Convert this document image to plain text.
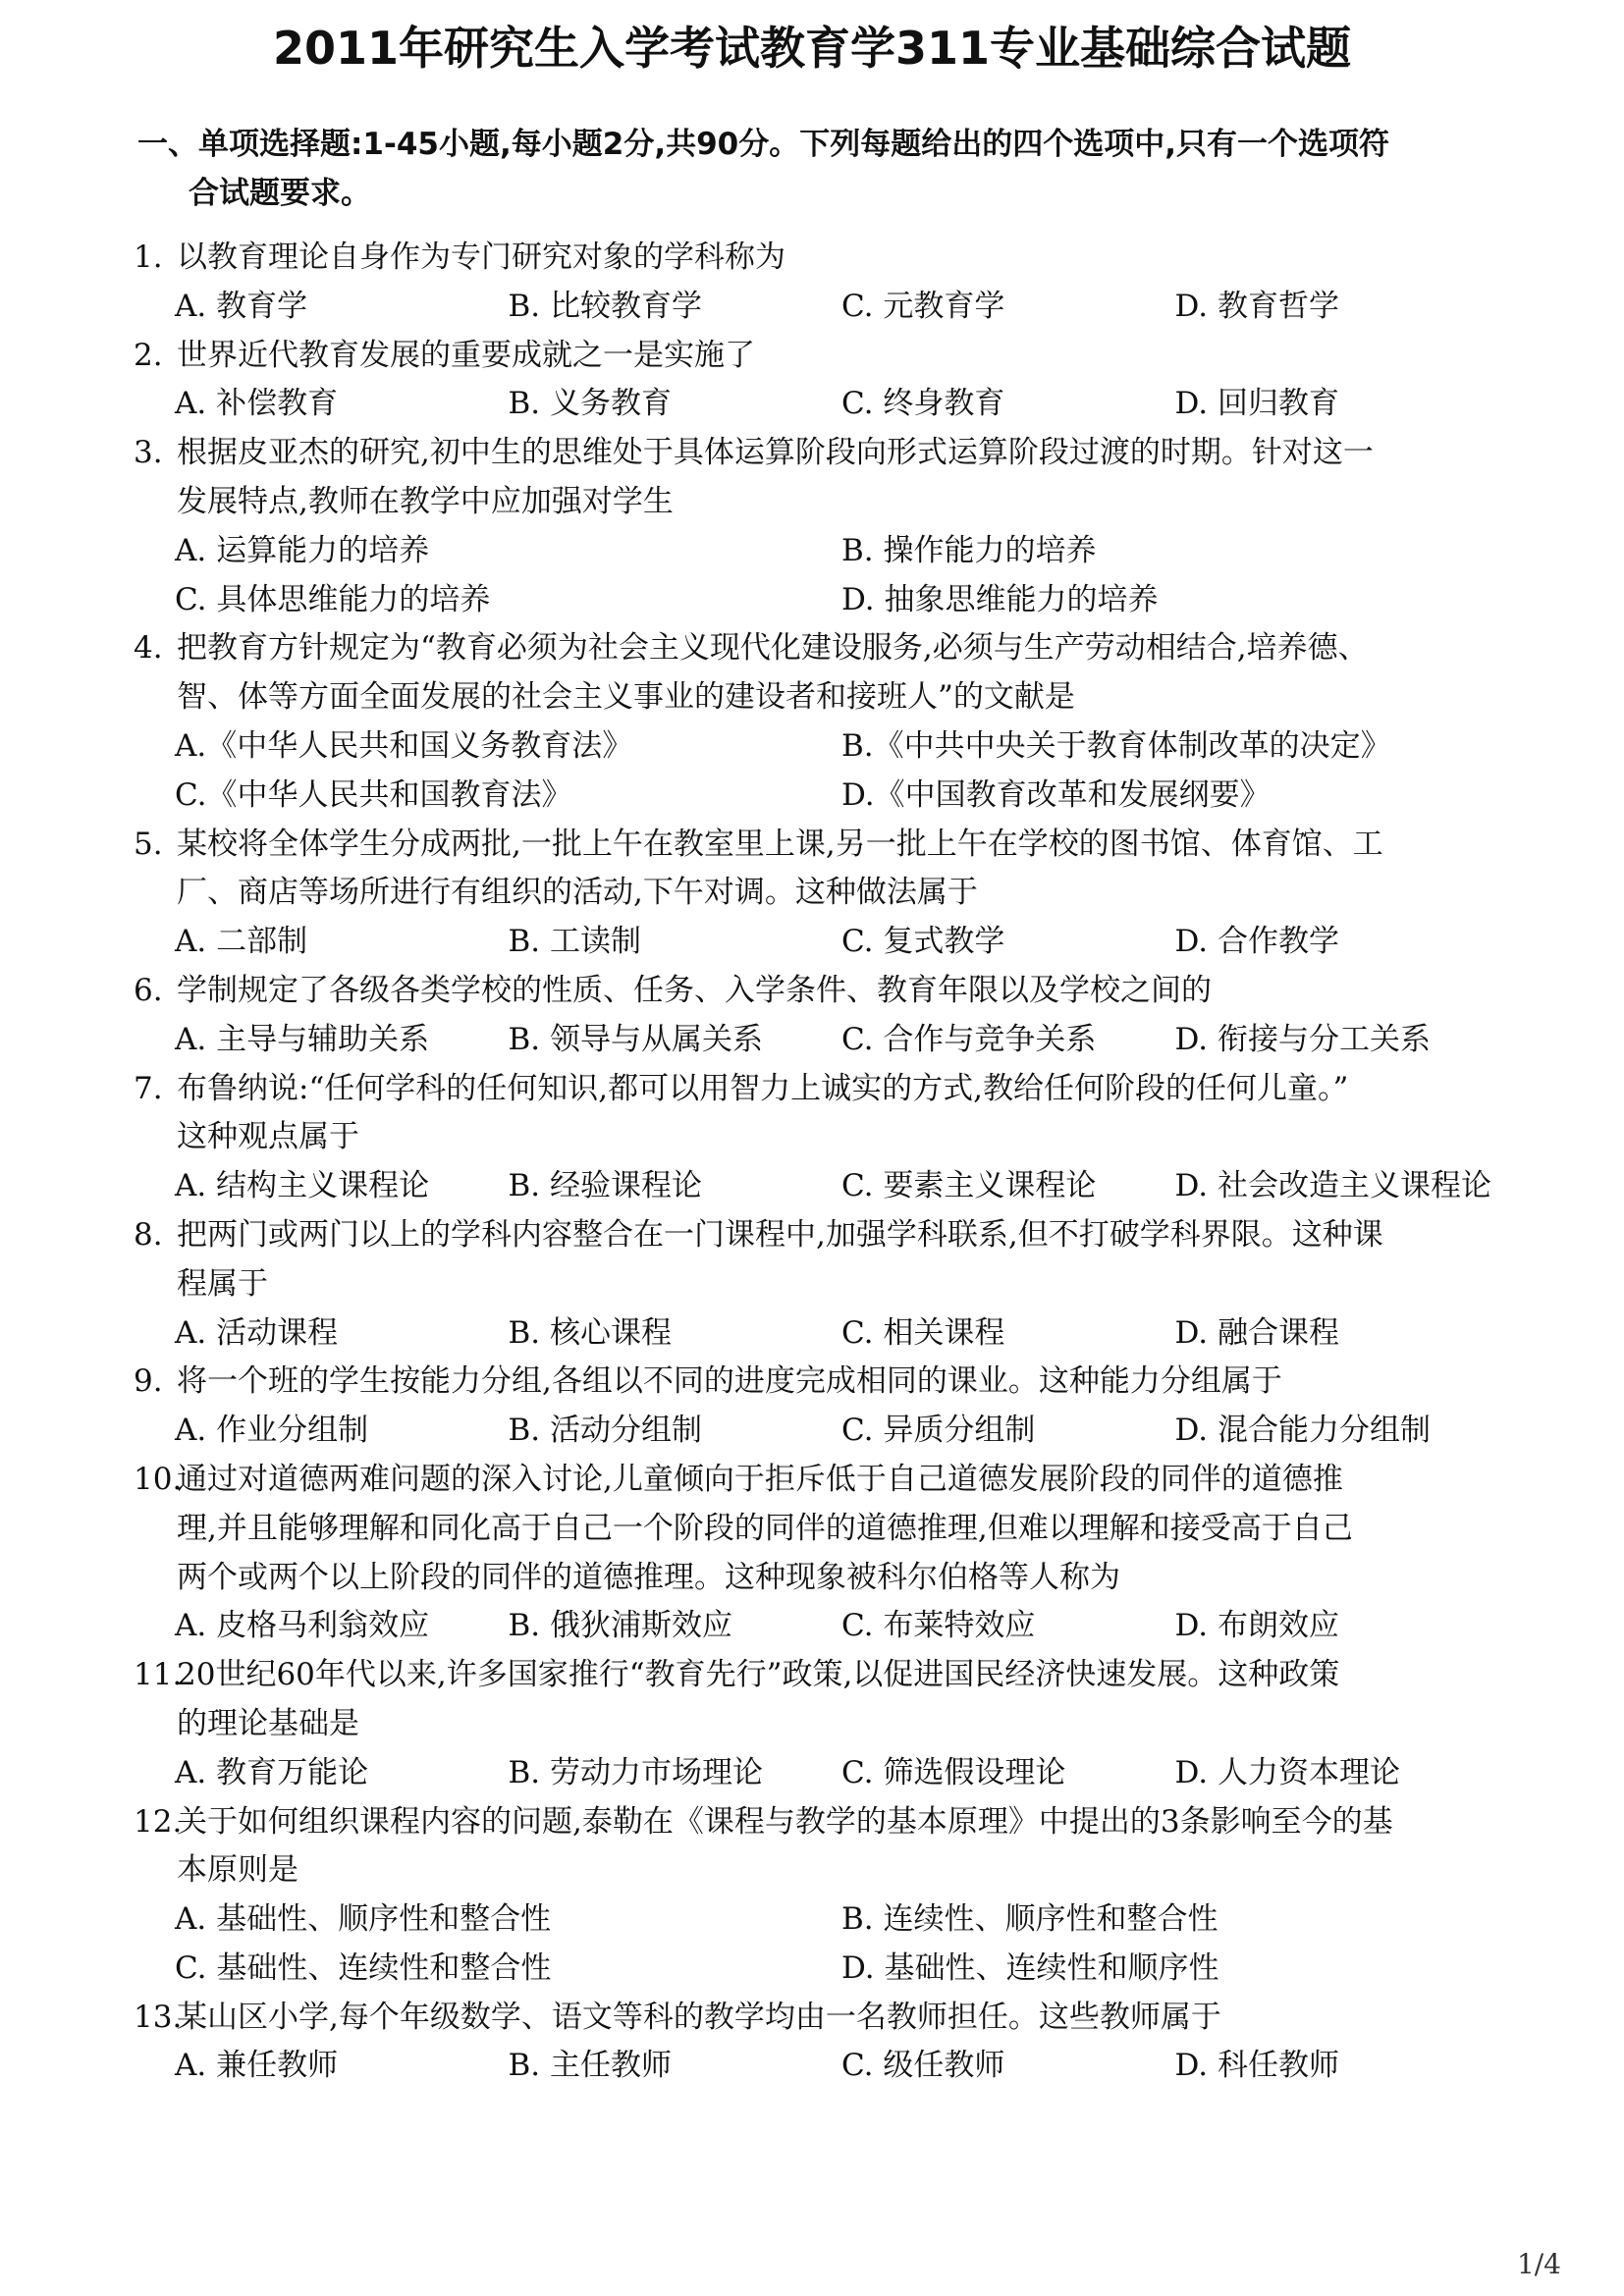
2011年研究生入学考试教育学311专业基础综合试题
一、单项选择题:1-45小题,每小题2分,共90分。下列每题给出的四个选项中,只有一个选项符
合试题要求。
1. 以教育理论自身作为专门研究对象的学科称为
A. 教育学	B. 比较教育学	C. 元教育学	D. 教育哲学
2. 世界近代教育发展的重要成就之一是实施了
A. 补偿教育	B. 义务教育	C. 终身教育	D. 回归教育
3. 根据皮亚杰的研究,初中生的思维处于具体运算阶段向形式运算阶段过渡的时期。针对这一
发展特点,教师在教学中应加强对学生
A. 运算能力的培养	B. 操作能力的培养
C. 具体思维能力的培养	D. 抽象思维能力的培养
4. 把教育方针规定为“教育必须为社会主义现代化建设服务,必须与生产劳动相结合,培养德、
智、体等方面全面发展的社会主义事业的建设者和接班人”的文献是
A.《中华人民共和国义务教育法》	B.《中共中央关于教育体制改革的决定》
C.《中华人民共和国教育法》	D.《中国教育改革和发展纲要》
5. 某校将全体学生分成两批,一批上午在教室里上课,另一批上午在学校的图书馆、体育馆、工
厂、商店等场所进行有组织的活动,下午对调。这种做法属于
A. 二部制	B. 工读制	C. 复式教学	D. 合作教学
6. 学制规定了各级各类学校的性质、任务、入学条件、教育年限以及学校之间的
A. 主导与辅助关系	B. 领导与从属关系	C. 合作与竞争关系	D. 衔接与分工关系
7. 布鲁纳说:“任何学科的任何知识,都可以用智力上诚实的方式,教给任何阶段的任何儿童。”
这种观点属于
A. 结构主义课程论	B. 经验课程论	C. 要素主义课程论	D. 社会改造主义课程论
8. 把两门或两门以上的学科内容整合在一门课程中,加强学科联系,但不打破学科界限。这种课
程属于
A. 活动课程	B. 核心课程	C. 相关课程	D. 融合课程
9. 将一个班的学生按能力分组,各组以不同的进度完成相同的课业。这种能力分组属于
A. 作业分组制	B. 活动分组制	C. 异质分组制	D. 混合能力分组制
10.
通过对道德两难问题的深入讨论,儿童倾向于拒斥低于自己道德发展阶段的同伴的道德推
理,并且能够理解和同化高于自己一个阶段的同伴的道德推理,但难以理解和接受高于自己
两个或两个以上阶段的同伴的道德推理。这种现象被科尔伯格等人称为
A. 皮格马利翁效应	B. 俄狄浦斯效应	C. 布莱特效应	D. 布朗效应
11.
20世纪60年代以来,许多国家推行“教育先行”政策,以促进国民经济快速发展。这种政策
的理论基础是
A. 教育万能论	B. 劳动力市场理论	C. 筛选假设理论	D. 人力资本理论
12.
关于如何组织课程内容的问题,泰勒在《课程与教学的基本原理》中提出的3条影响至今的基
本原则是
A. 基础性、顺序性和整合性	B. 连续性、顺序性和整合性
C. 基础性、连续性和整合性	D. 基础性、连续性和顺序性
13.
某山区小学,每个年级数学、语文等科的教学均由一名教师担任。这些教师属于
A. 兼任教师	B. 主任教师	C. 级任教师	D. 科任教师
1/4
